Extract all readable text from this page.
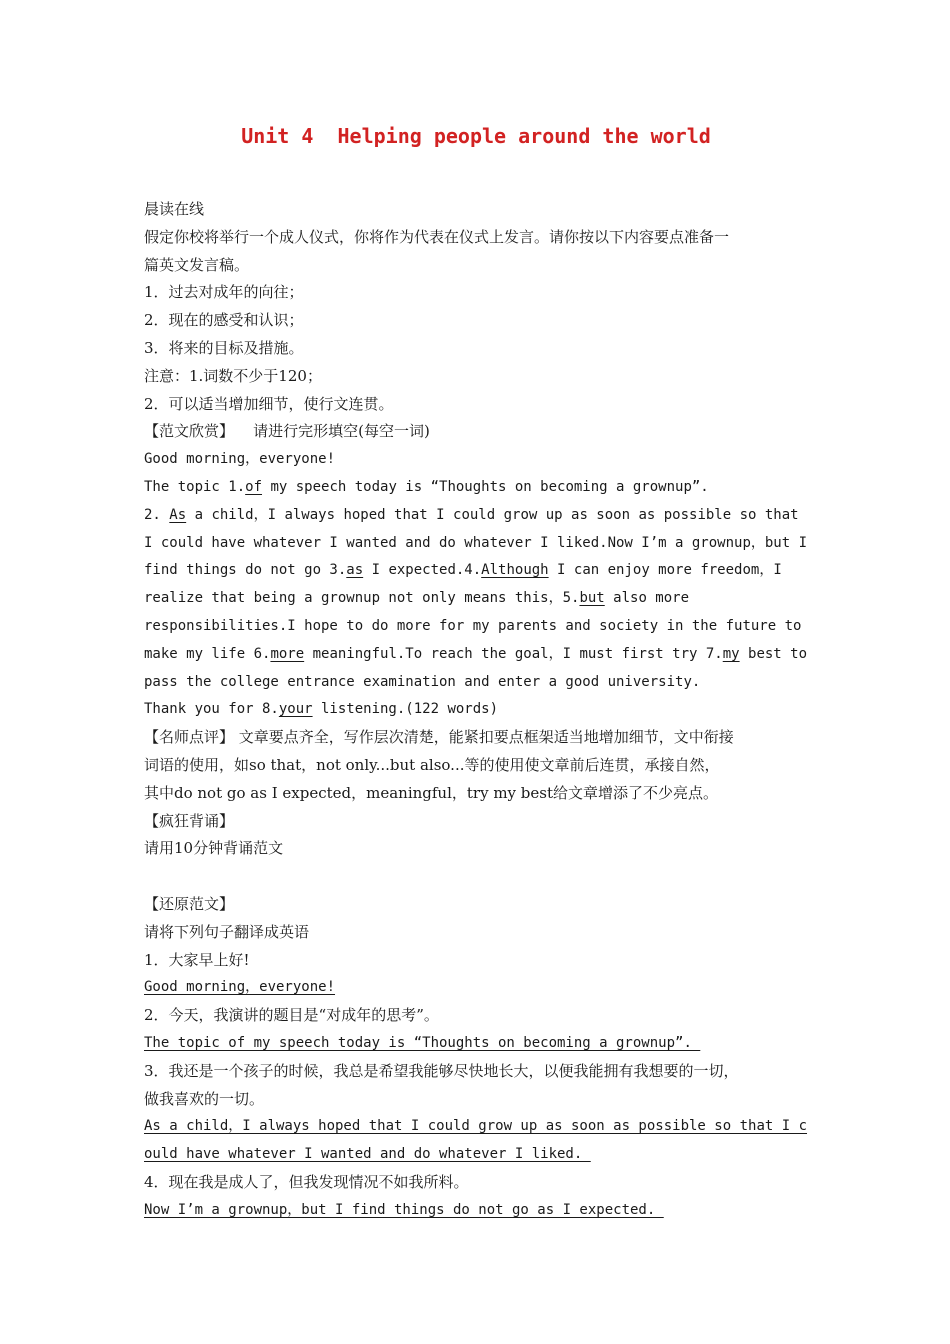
Unit 4  Helping people around the world
晨读在线
假定你校将举行一个成人仪式，你将作为代表在仪式上发言。请你按以下内容要点准备一
篇英文发言稿。
1．过去对成年的向往；
2．现在的感受和认识；
3．将来的目标及措施。
注意：1.词数不少于120；
2．可以适当增加细节，使行文连贯。
【范文欣赏】 请进行完形填空(每空一词)
Good morning，everyone!
The topic 1.of my speech today is “Thoughts on becoming a grownup”.
2. As a child，I always hoped that I could grow up as soon as possible so that
I could have whatever I wanted and do whatever I liked.Now I’m a grownup，but I
find things do not go 3.as I expected.4.Although I can enjoy more freedom，I
realize that being a grownup not only means this，5.but also more
responsibilities.I hope to do more for my parents and society in the future to
make my life 6.more meaningful.To reach the goal，I must first try 7.my best to
pass the college entrance examination and enter a good university.
Thank you for 8.your listening.(122 words)
【名师点评】 文章要点齐全，写作层次清楚，能紧扣要点框架适当地增加细节，文中衔接
词语的使用，如so that，not only...but also...等的使用使文章前后连贯，承接自然，
其中do not go as I expected，meaningful，try my best给文章增添了不少亮点。
【疯狂背诵】
请用10分钟背诵范文
【还原范文】
请将下列句子翻译成英语
1．大家早上好!
Good morning，everyone!
2．今天，我演讲的题目是“对成年的思考”。
The topic of my speech today is “Thoughts on becoming a grownup”.
3．我还是一个孩子的时候，我总是希望我能够尽快地长大，以便我能拥有我想要的一切，
做我喜欢的一切。
As a child，I always hoped that I could grow up as soon as possible so that I c
ould have whatever I wanted and do whatever I liked.
4．现在我是成人了，但我发现情况不如我所料。
Now I’m a grownup，but I find things do not go as I expected.
